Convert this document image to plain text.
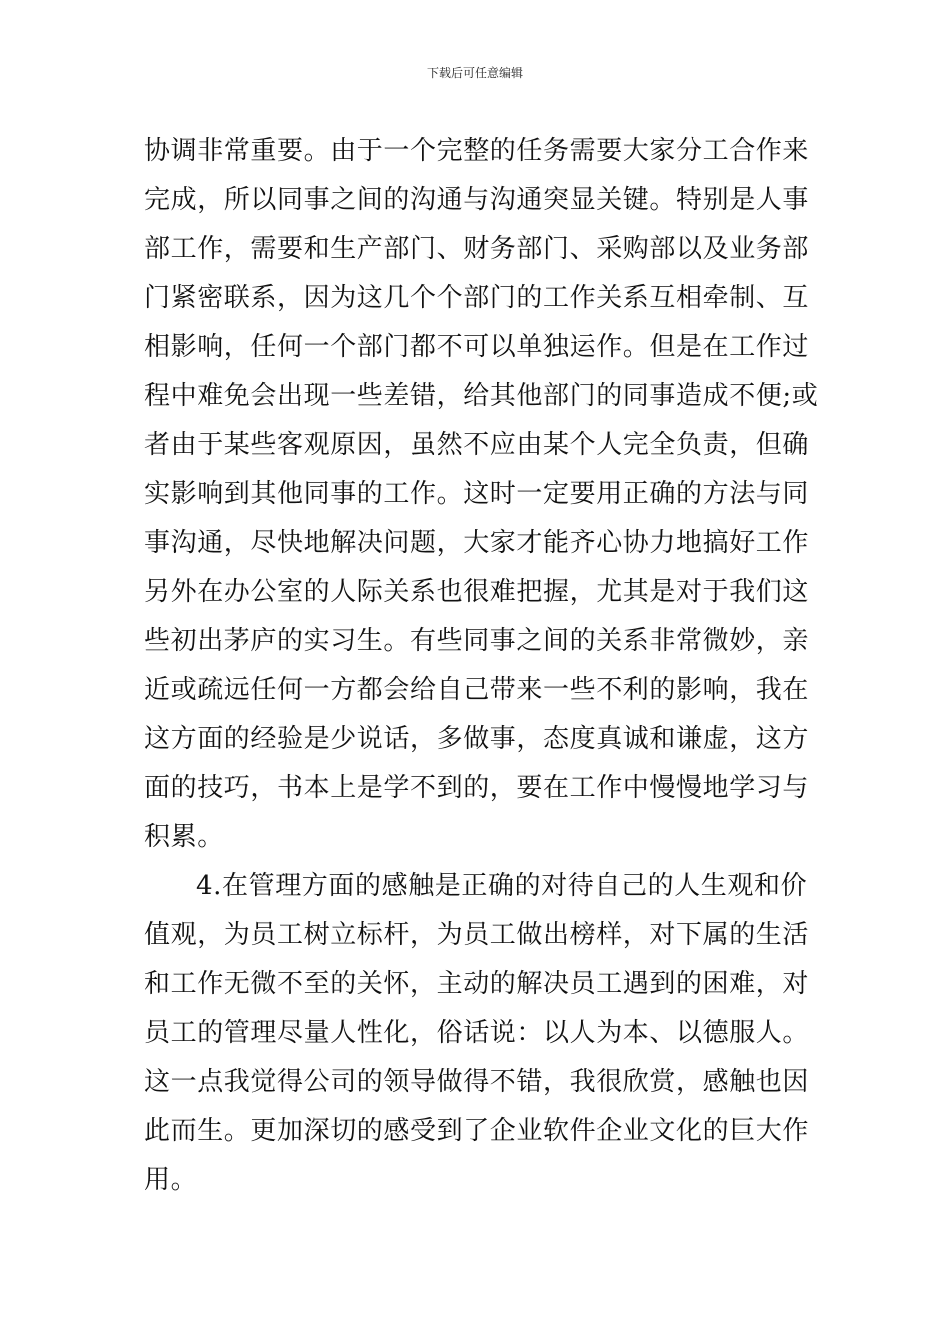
下载后可任意编辑
协调非常重要。由于一个完整的任务需要大家分工合作来
完成，所以同事之间的沟通与沟通突显关键。特别是人事
部工作，需要和生产部门、财务部门、采购部以及业务部
门紧密联系，因为这几个个部门的工作关系互相牵制、互
相影响，任何一个部门都不可以单独运作。但是在工作过
程中难免会出现一些差错，给其他部门的同事造成不便;或
者由于某些客观原因，虽然不应由某个人完全负责，但确
实影响到其他同事的工作。这时一定要用正确的方法与同
事沟通，尽快地解决问题，大家才能齐心协力地搞好工作
另外在办公室的人际关系也很难把握，尤其是对于我们这
些初出茅庐的实习生。有些同事之间的关系非常微妙，亲
近或疏远任何一方都会给自己带来一些不利的影响，我在
这方面的经验是少说话，多做事，态度真诚和谦虚，这方
面的技巧，书本上是学不到的，要在工作中慢慢地学习与
积累。
4.在管理方面的感触是正确的对待自己的人生观和价
值观，为员工树立标杆，为员工做出榜样，对下属的生活
和工作无微不至的关怀，主动的解决员工遇到的困难，对
员工的管理尽量人性化，俗话说：以人为本、以德服人。
这一点我觉得公司的领导做得不错，我很欣赏，感触也因
此而生。更加深切的感受到了企业软件企业文化的巨大作
用。
